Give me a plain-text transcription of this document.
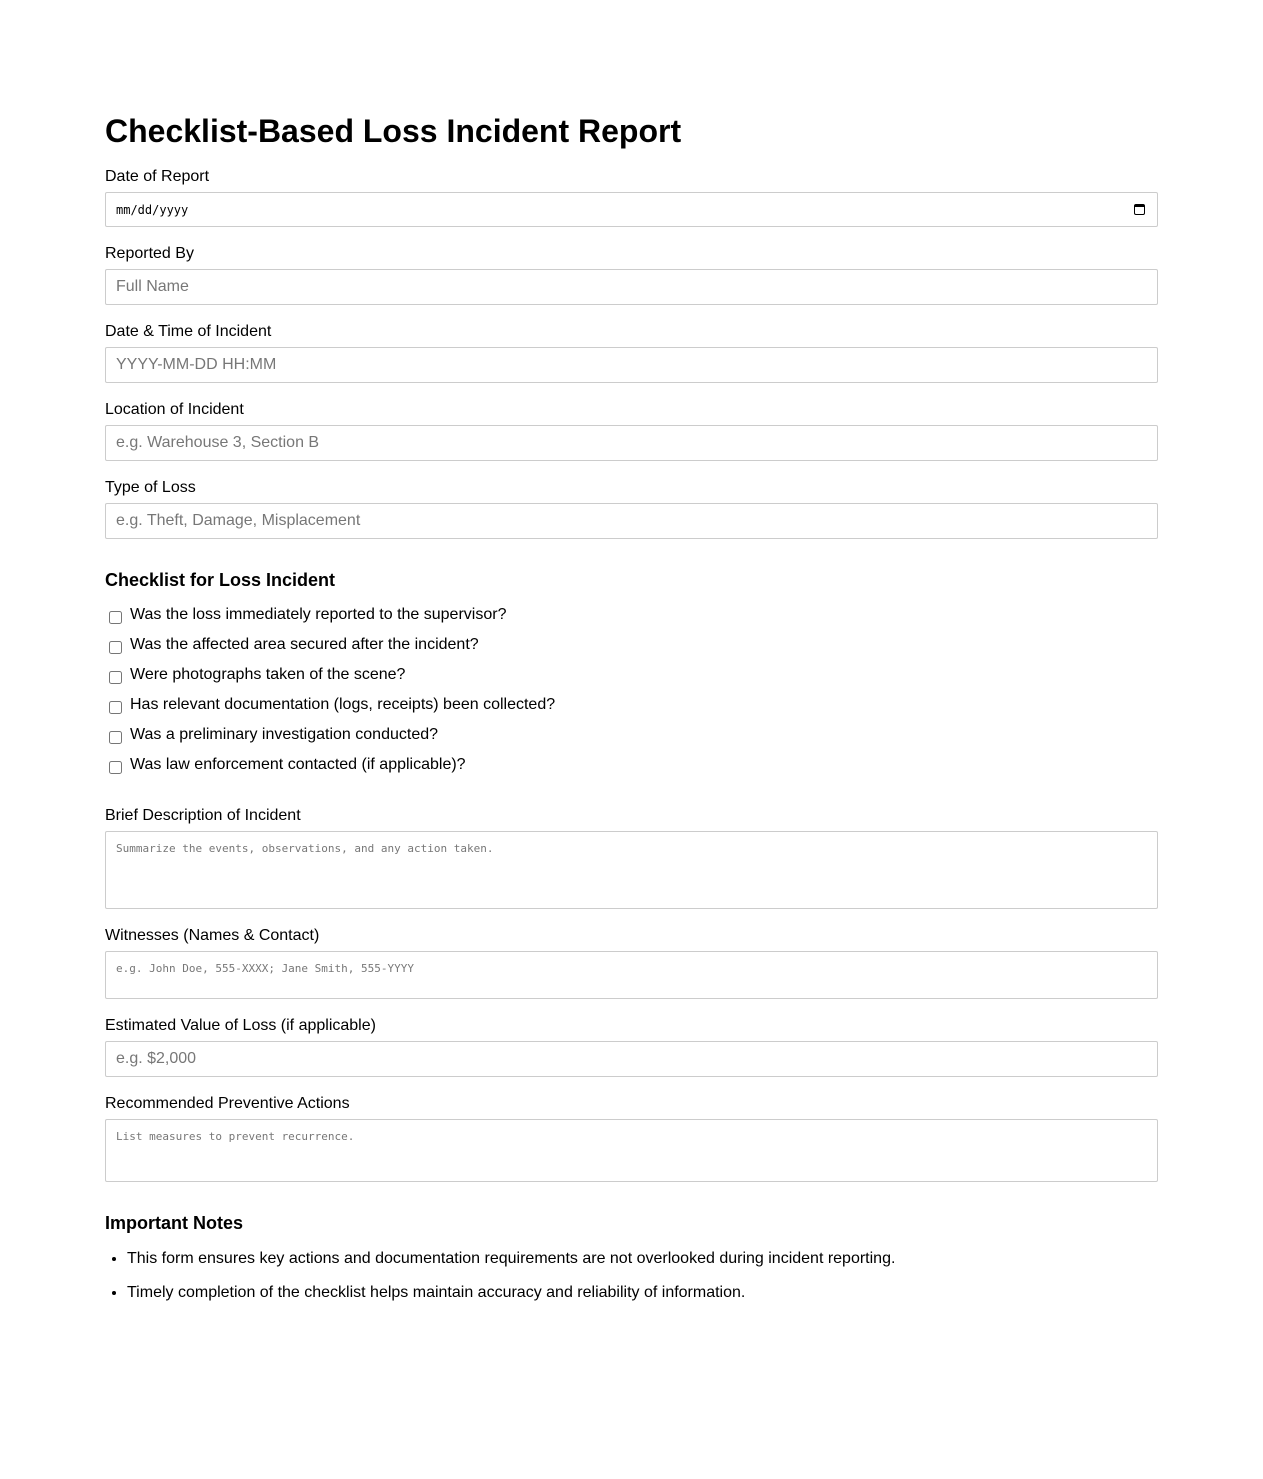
Checklist-Based Loss Incident Report
Date of Report
mm/dd/yyyy
Reported By
Full Name
Date & Time of Incident
YYYY-MM-DD HH:MM
Location of Incident
e.g. Warehouse 3, Section B
Type of Loss
e.g. Theft, Damage, Misplacement
Checklist for Loss Incident
Was the loss immediately reported to the supervisor?
Was the affected area secured after the incident?
Were photographs taken of the scene?
Has relevant documentation (logs, receipts) been collected?
Was a preliminary investigation conducted?
Was law enforcement contacted (if applicable)?
Brief Description of Incident
Summarize the events, observations, and any action taken.
Witnesses (Names & Contact)
e.g. John Doe, 555-XXXX; Jane Smith, 555-YYYY
Estimated Value of Loss (if applicable)
e.g. $2,000
Recommended Preventive Actions
List measures to prevent recurrence.
Important Notes
• This form ensures key actions and documentation requirements are not overlooked during incident reporting.
• Timely completion of the checklist helps maintain accuracy and reliability of information.
